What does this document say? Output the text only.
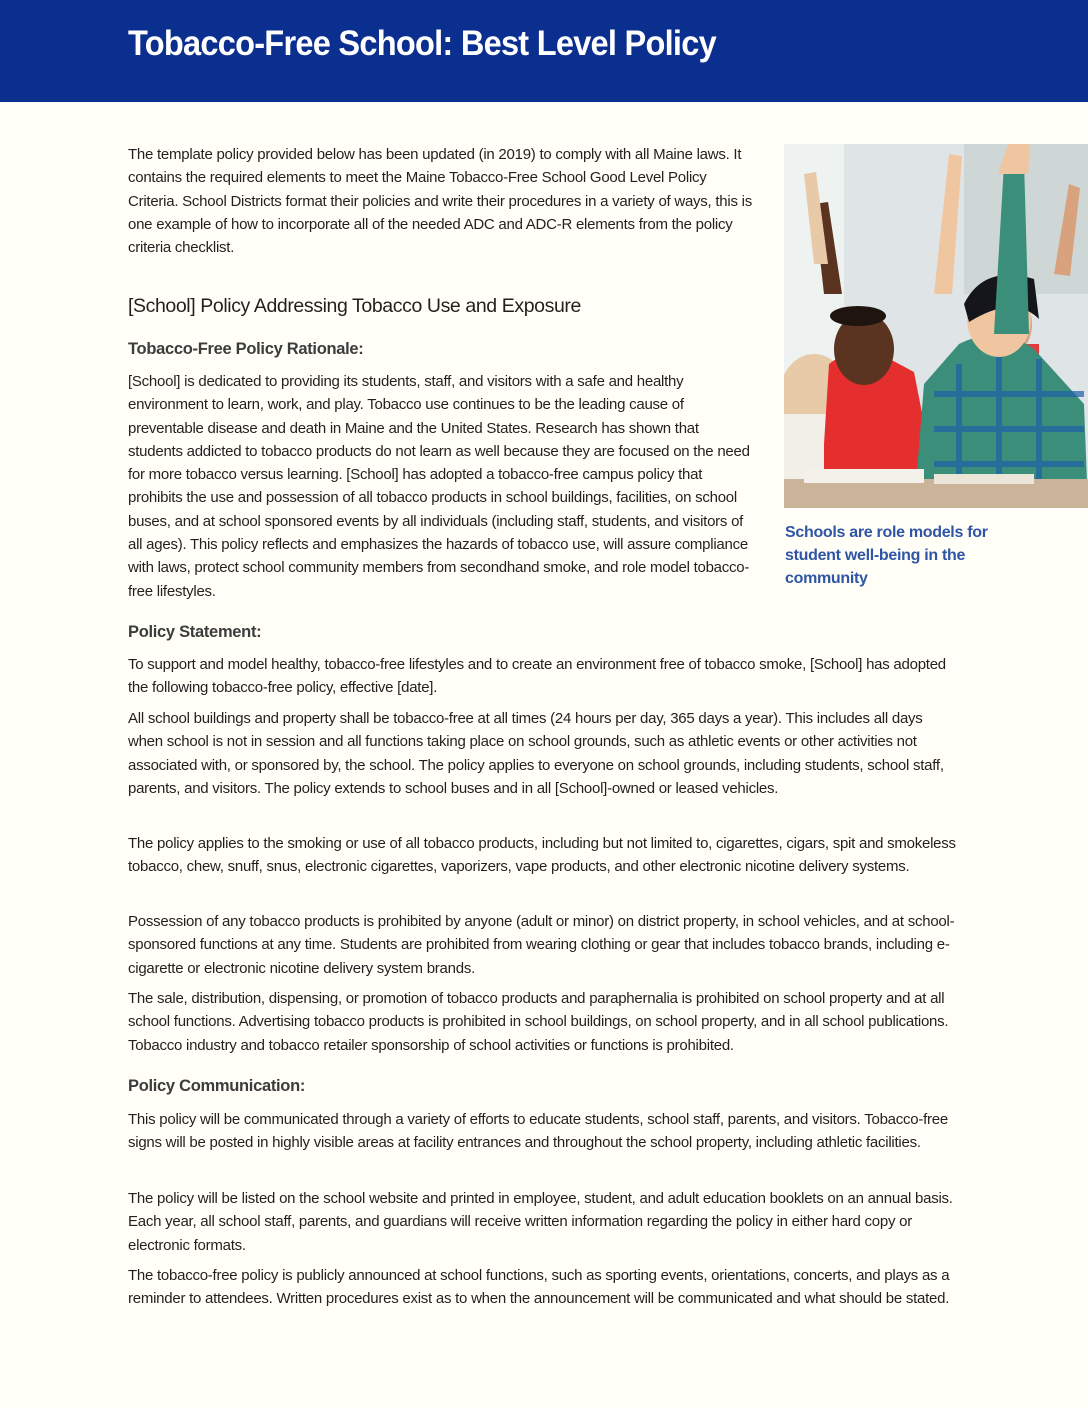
Tobacco-Free School: Best Level Policy

The template policy provided below has been updated (in 2019) to comply with all Maine laws. It contains the required elements to meet the Maine Tobacco-Free School Good Level Policy Criteria. School Districts format their policies and write their procedures in a variety of ways, this is one example of how to incorporate all of the needed ADC and ADC-R elements from the policy criteria checklist.

Schools are role models for student well-being in the community

[School] Policy Addressing Tobacco Use and Exposure
Tobacco-Free Policy Rationale:

[School] is dedicated to providing its students, staff, and visitors with a safe and healthy environment to learn, work, and play. Tobacco use continues to be the leading cause of preventable disease and death in Maine and the United States. Research has shown that students addicted to tobacco products do not learn as well because they are focused on the need for more tobacco versus learning. [School] has adopted a tobacco-free campus policy that prohibits the use and possession of all tobacco products in school buildings, facilities, on school buses, and at school sponsored events by all individuals (including staff, students, and visitors of all ages). This policy reflects and emphasizes the hazards of tobacco use, will assure compliance with laws, protect school community members from secondhand smoke, and role model tobacco-free lifestyles.

Policy Statement:

To support and model healthy, tobacco-free lifestyles and to create an environment free of tobacco smoke, [School] has adopted the following tobacco-free policy, effective [date].

All school buildings and property shall be tobacco-free at all times (24 hours per day, 365 days a year). This includes all days when school is not in session and all functions taking place on school grounds, such as athletic events or other activities not associated with, or sponsored by, the school. The policy applies to everyone on school grounds, including students, school staff, parents, and visitors. The policy extends to school buses and in all [School]-owned or leased vehicles.

The policy applies to the smoking or use of all tobacco products, including but not limited to, cigarettes, cigars, spit and smokeless tobacco, chew, snuff, snus, electronic cigarettes, vaporizers, vape products, and other electronic nicotine delivery systems.

Possession of any tobacco products is prohibited by anyone (adult or minor) on district property, in school vehicles, and at school-sponsored functions at any time. Students are prohibited from wearing clothing or gear that includes tobacco brands, including e-cigarette or electronic nicotine delivery system brands.

The sale, distribution, dispensing, or promotion of tobacco products and paraphernalia is prohibited on school property and at all school functions. Advertising tobacco products is prohibited in school buildings, on school property, and in all school publications. Tobacco industry and tobacco retailer sponsorship of school activities or functions is prohibited.

Policy Communication:

This policy will be communicated through a variety of efforts to educate students, school staff, parents, and visitors. Tobacco-free signs will be posted in highly visible areas at facility entrances and throughout the school property, including athletic facilities.

The policy will be listed on the school website and printed in employee, student, and adult education booklets on an annual basis. Each year, all school staff, parents, and guardians will receive written information regarding the policy in either hard copy or electronic formats.

The tobacco-free policy is publicly announced at school functions, such as sporting events, orientations, concerts, and plays as a reminder to attendees. Written procedures exist as to when the announcement will be communicated and what should be stated.
